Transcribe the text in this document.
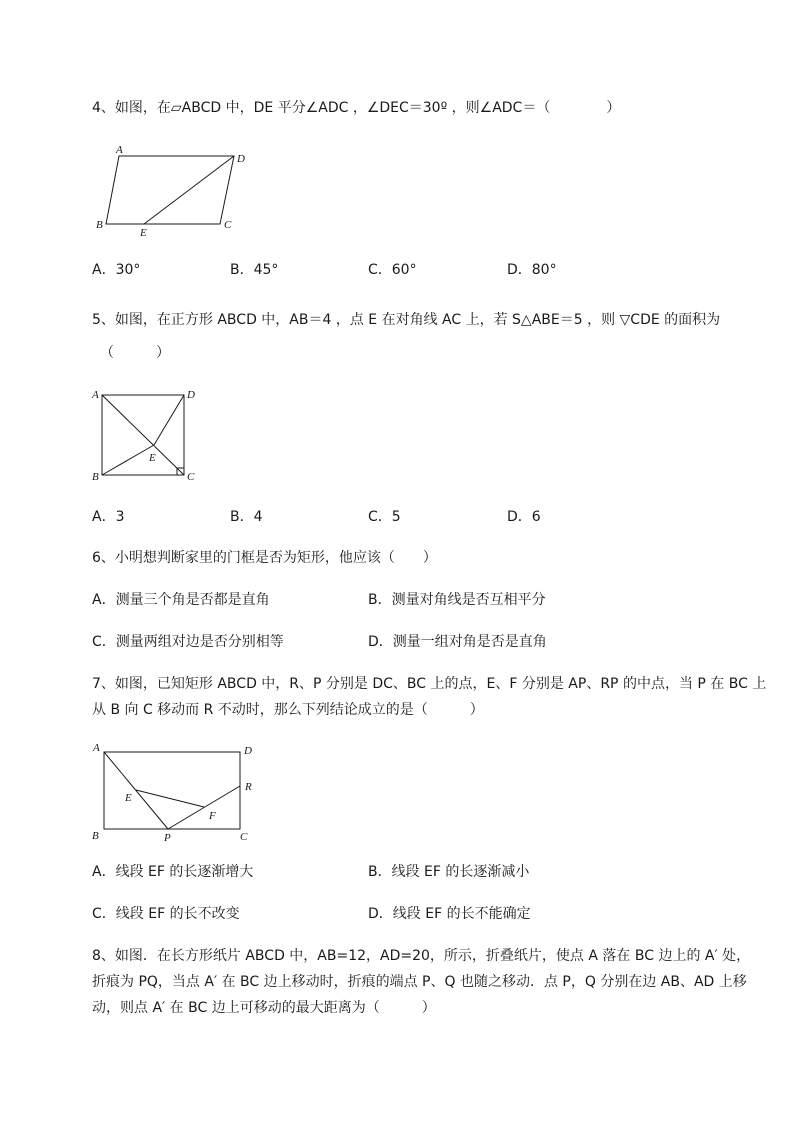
4、如图，在▱ABCD 中，DE 平分∠ADC ，∠DEC＝30º ，则∠ADC＝（　　　　）
A
D
B	C
E
A．30°	B．45°	C．60°	D．80°
5、如图，在正方形 ABCD 中，AB＝4 ，点 E 在对角线 AC 上，若 S△ABE＝5 ，则 ▽CDE 的面积为
（　　　）
A	D
B	C
E
A．3	B．4	C．5	D．6
6、小明想判断家里的门框是否为矩形，他应该（　　）
A．测量三个角是否都是直角	B．测量对角线是否互相平分
C．测量两组对边是否分别相等	D．测量一组对角是否是直角
7、如图，已知矩形 ABCD 中，R、P 分别是 DC、BC 上的点，E、F 分别是 AP、RP 的中点，当 P 在 BC 上
从 B 向 C 移动而 R 不动时，那么下列结论成立的是（　　　）
A	D
R
E
F
B	P	C
A．线段 EF 的长逐渐增大	B．线段 EF 的长逐渐减小
C．线段 EF 的长不改变	D．线段 EF 的长不能确定
8、如图．在长方形纸片 ABCD 中，AB=12，AD=20，所示，折叠纸片，使点 A 落在 BC 边上的 A′ 处，
折痕为 PQ，当点 A′ 在 BC 边上移动时，折痕的端点 P、Q 也随之移动．点 P，Q 分别在边 AB、AD 上移
动，则点 A′ 在 BC 边上可移动的最大距离为（　　　）
